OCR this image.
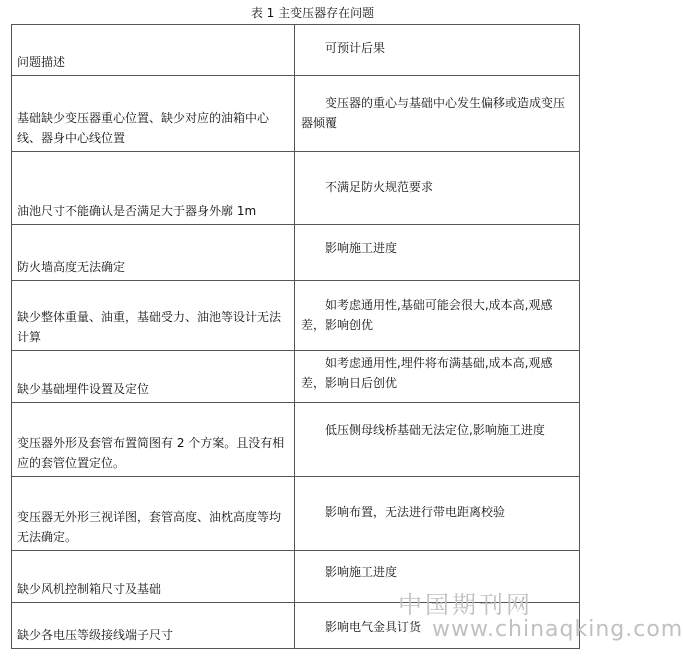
表 1 主变压器存在问题
问题描述	可预计后果
基础缺少变压器重心位置、缺少对应的油箱中心线、器身中心线位置	变压器的重心与基础中心发生偏移或造成变压器倾覆
油池尺寸不能确认是否满足大于器身外廓 1m	不满足防火规范要求
防火墙高度无法确定	影响施工进度
缺少整体重量、油重，基础受力、油池等设计无法计算	如考虑通用性,基础可能会很大,成本高,观感差，影响创优
缺少基础埋件设置及定位	如考虑通用性,埋件将布满基础,成本高,观感差，影响日后创优
变压器外形及套管布置简图有 2 个方案。且没有相应的套管位置定位。	低压侧母线桥基础无法定位,影响施工进度
变压器无外形三视详图，套管高度、油枕高度等均无法确定。	影响布置，无法进行带电距离校验
缺少风机控制箱尺寸及基础	影响施工进度
缺少各电压等级接线端子尺寸	影响电气金具订货
中国期刊网
www.chinaqking.com
